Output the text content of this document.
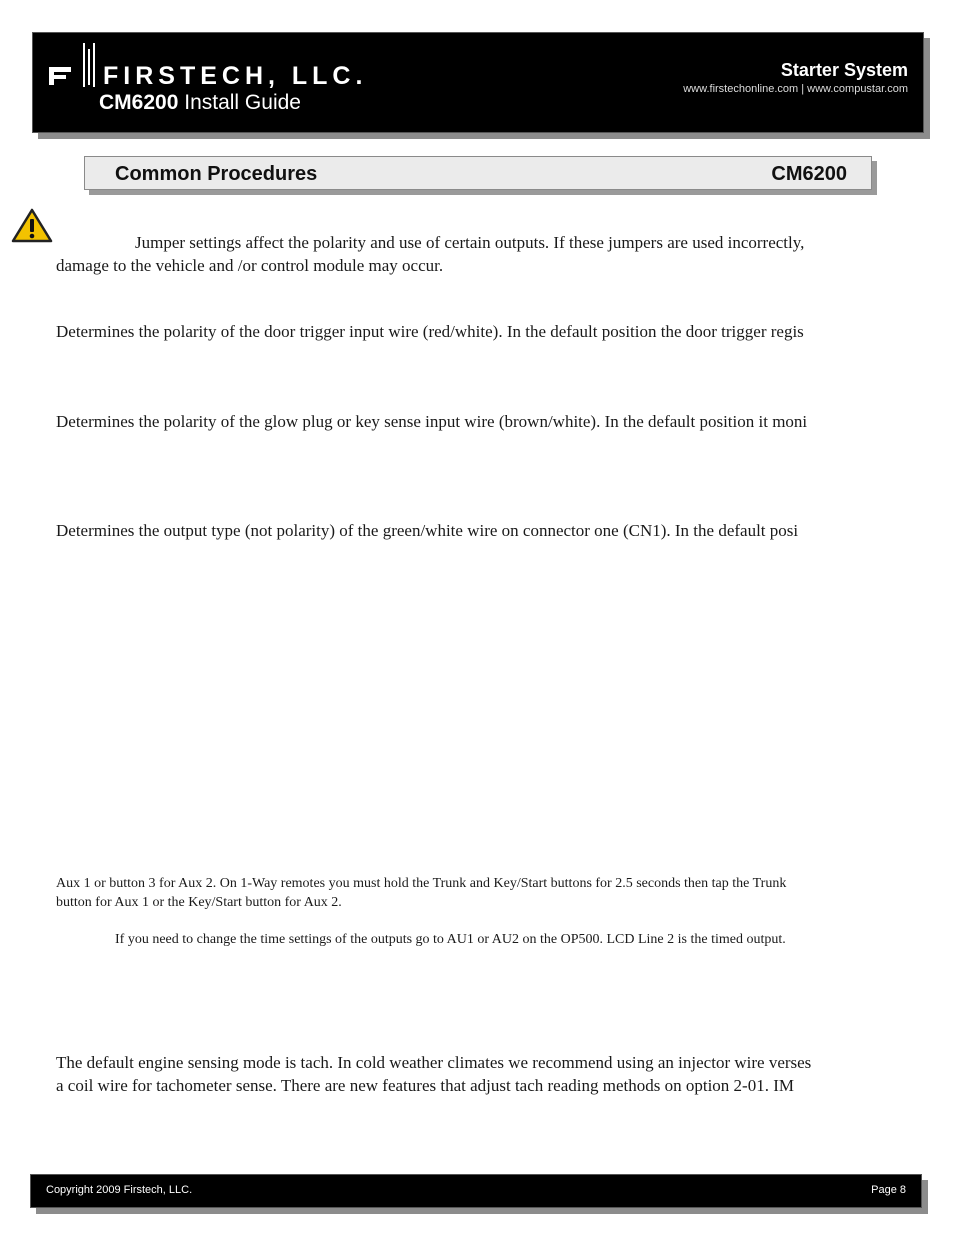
FIRSTECH, LLC.
CM6200 Install Guide
Starter System
www.firstechonline.com | www.compustar.com
Common Procedures	CM6200

Jumper settings affect the polarity and use of certain outputs. If these jumpers are used incorrectly,

damage to the vehicle and /or control module may occur.

Determines the polarity of the door trigger input wire (red/white). In the default position the door trigger regis

Determines the polarity of the glow plug or key sense input wire (brown/white). In the default position it moni

Determines the output type (not polarity) of the green/white wire on connector one (CN1). In the default posi

Aux 1 or button 3 for Aux 2. On 1-Way remotes you must hold the Trunk and Key/Start buttons for 2.5 seconds then tap the Trunk

button for Aux 1 or the Key/Start button for Aux 2.

If you need to change the time settings of the outputs go to AU1 or AU2 on the OP500. LCD Line 2 is the timed output.

The default engine sensing mode is tach. In cold weather climates we recommend using an injector wire verses

a coil wire for tachometer sense. There are new features that adjust tach reading methods on option 2-01. IM

Copyright 2009 Firstech, LLC.	Page 8
